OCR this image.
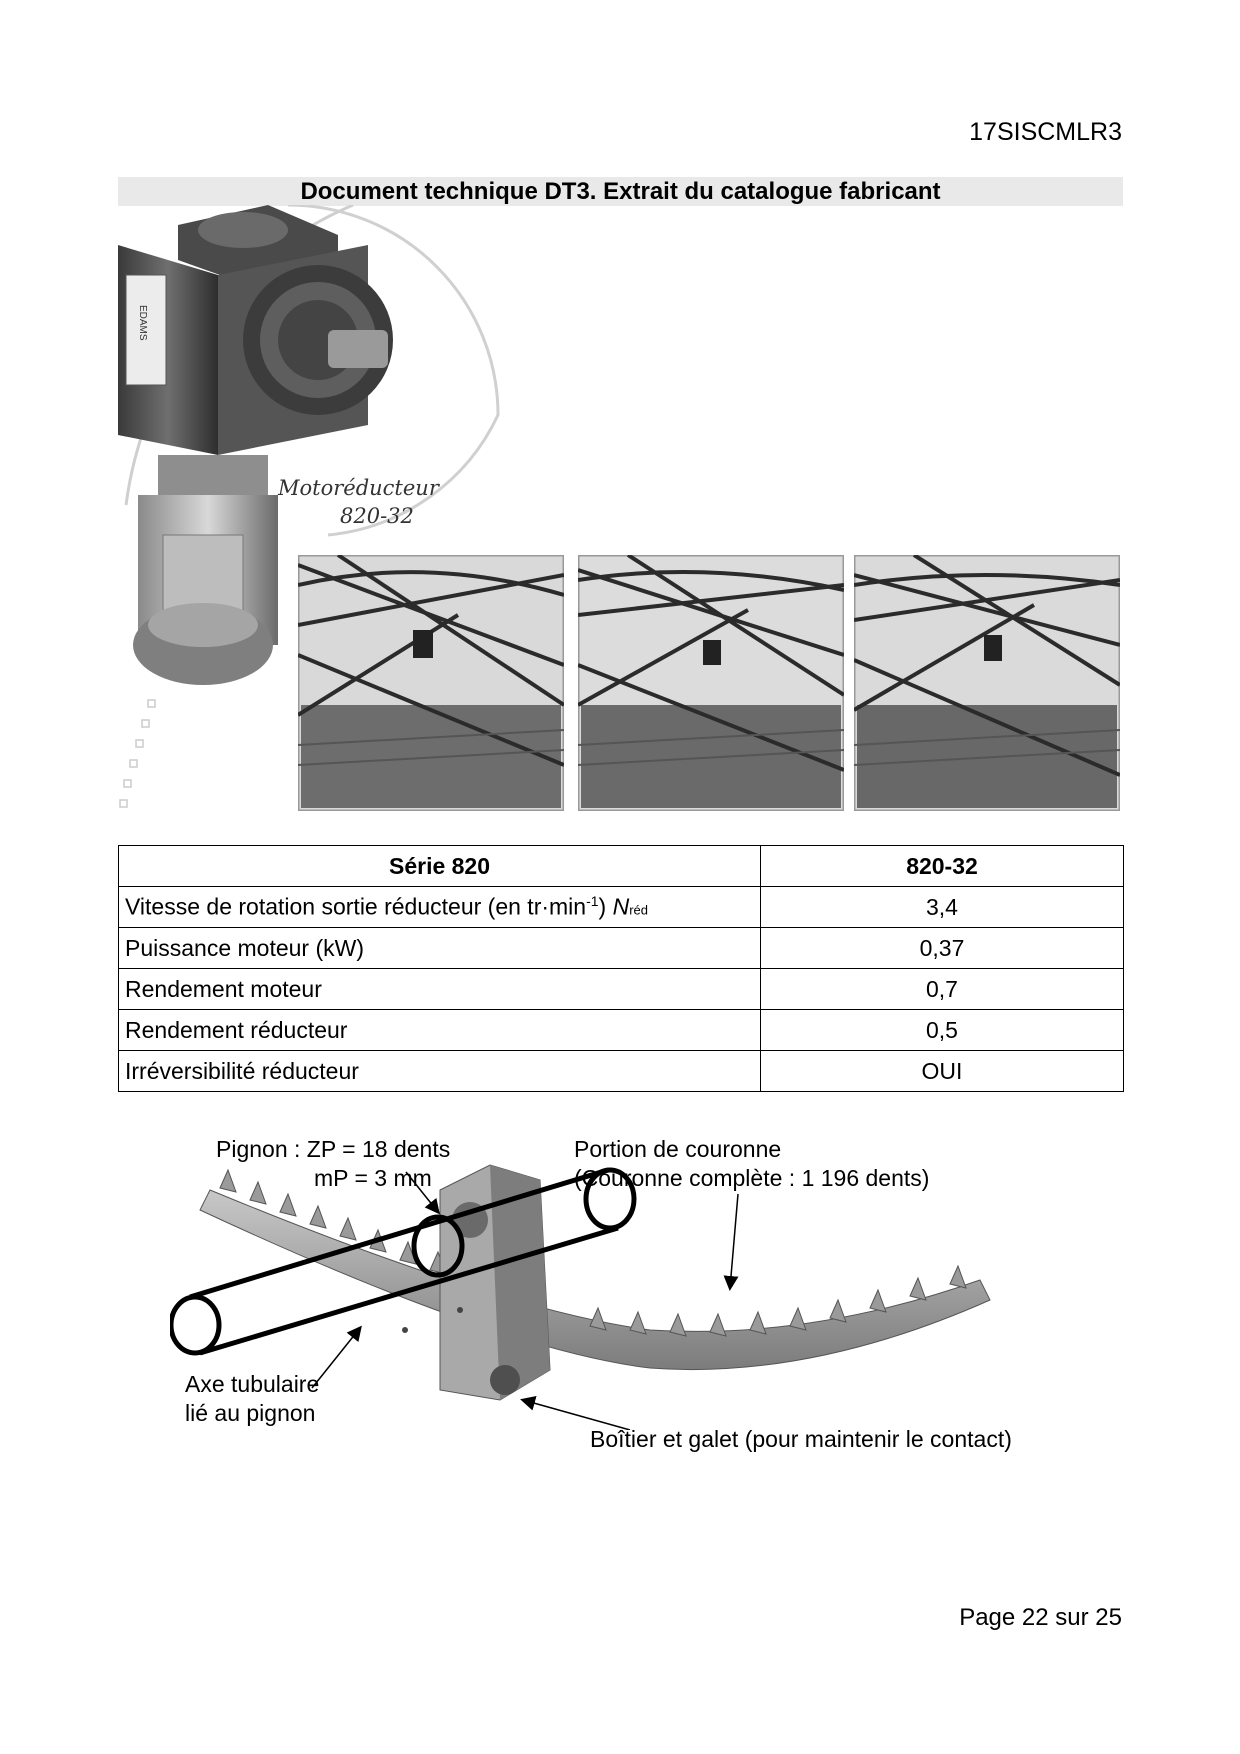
17SISCMLR3
Document technique DT3. Extrait du catalogue fabricant
EDAMS
Motoréducteur
820-32
Série 820	820-32
Vitesse de rotation sortie réducteur (en $tr\cdot\min^{-1}$) Nréd	3,4
Puissance moteur (kW)	0,37
Rendement moteur	0,7
Rendement réducteur	0,5
Irréversibilité réducteur	OUI
Pignon : ZP = 18 dents
mP = 3 mm
Portion de couronne
(Couronne complète : 1 196 dents)
Axe tubulaire
lié au pignon
Boîtier et galet (pour maintenir le contact)
Page 22 sur 25
